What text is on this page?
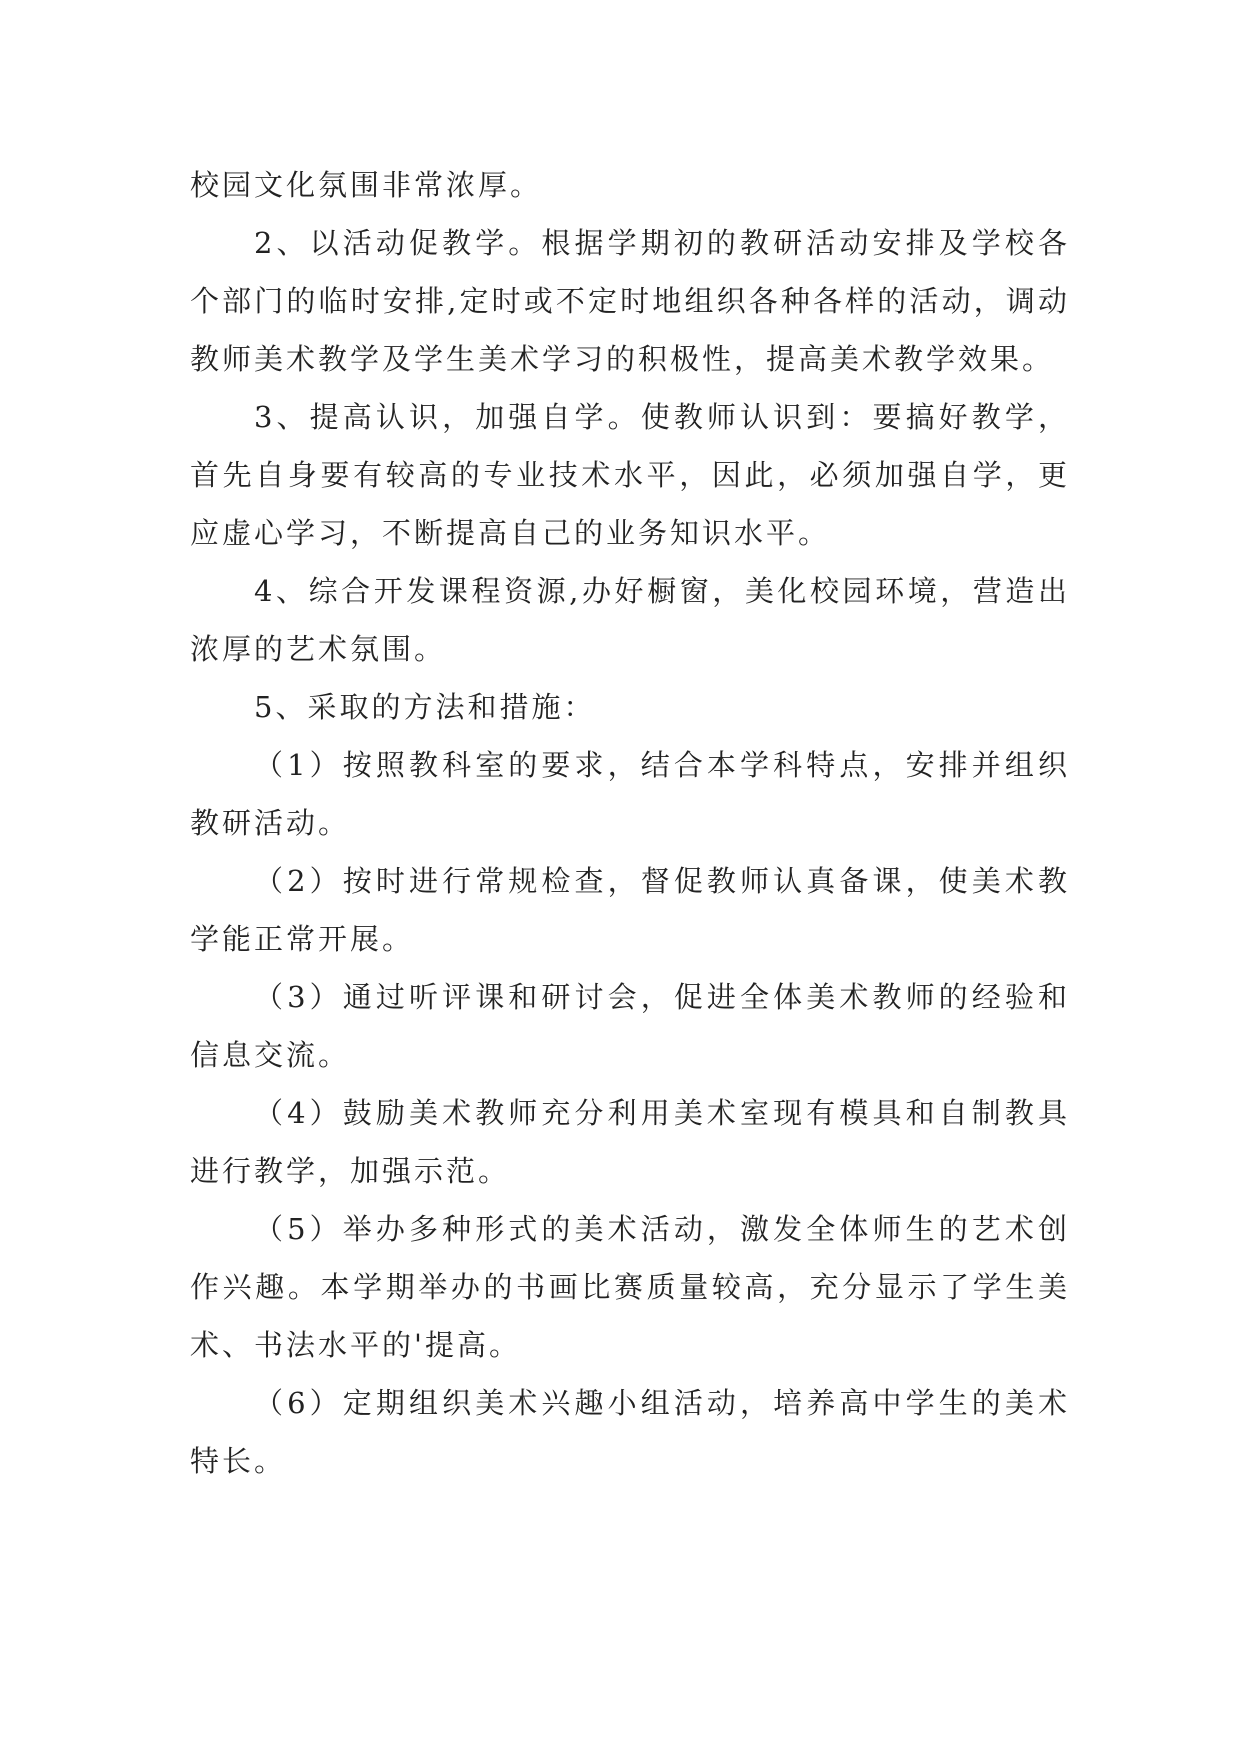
校园文化氛围非常浓厚。

2、以活动促教学。根据学期初的教研活动安排及学校各个部门的临时安排,定时或不定时地组织各种各样的活动，调动教师美术教学及学生美术学习的积极性，提高美术教学效果。

3、提高认识，加强自学。使教师认识到：要搞好教学，首先自身要有较高的专业技术水平，因此，必须加强自学，更应虚心学习，不断提高自己的业务知识水平。

4、综合开发课程资源,办好橱窗，美化校园环境，营造出浓厚的艺术氛围。

5、采取的方法和措施：

（1）按照教科室的要求，结合本学科特点，安排并组织教研活动。

（2）按时进行常规检查，督促教师认真备课，使美术教学能正常开展。

（3）通过听评课和研讨会，促进全体美术教师的经验和信息交流。

（4）鼓励美术教师充分利用美术室现有模具和自制教具进行教学，加强示范。

（5）举办多种形式的美术活动，激发全体师生的艺术创作兴趣。本学期举办的书画比赛质量较高，充分显示了学生美术、书法水平的'提高。

（6）定期组织美术兴趣小组活动，培养高中学生的美术特长。
